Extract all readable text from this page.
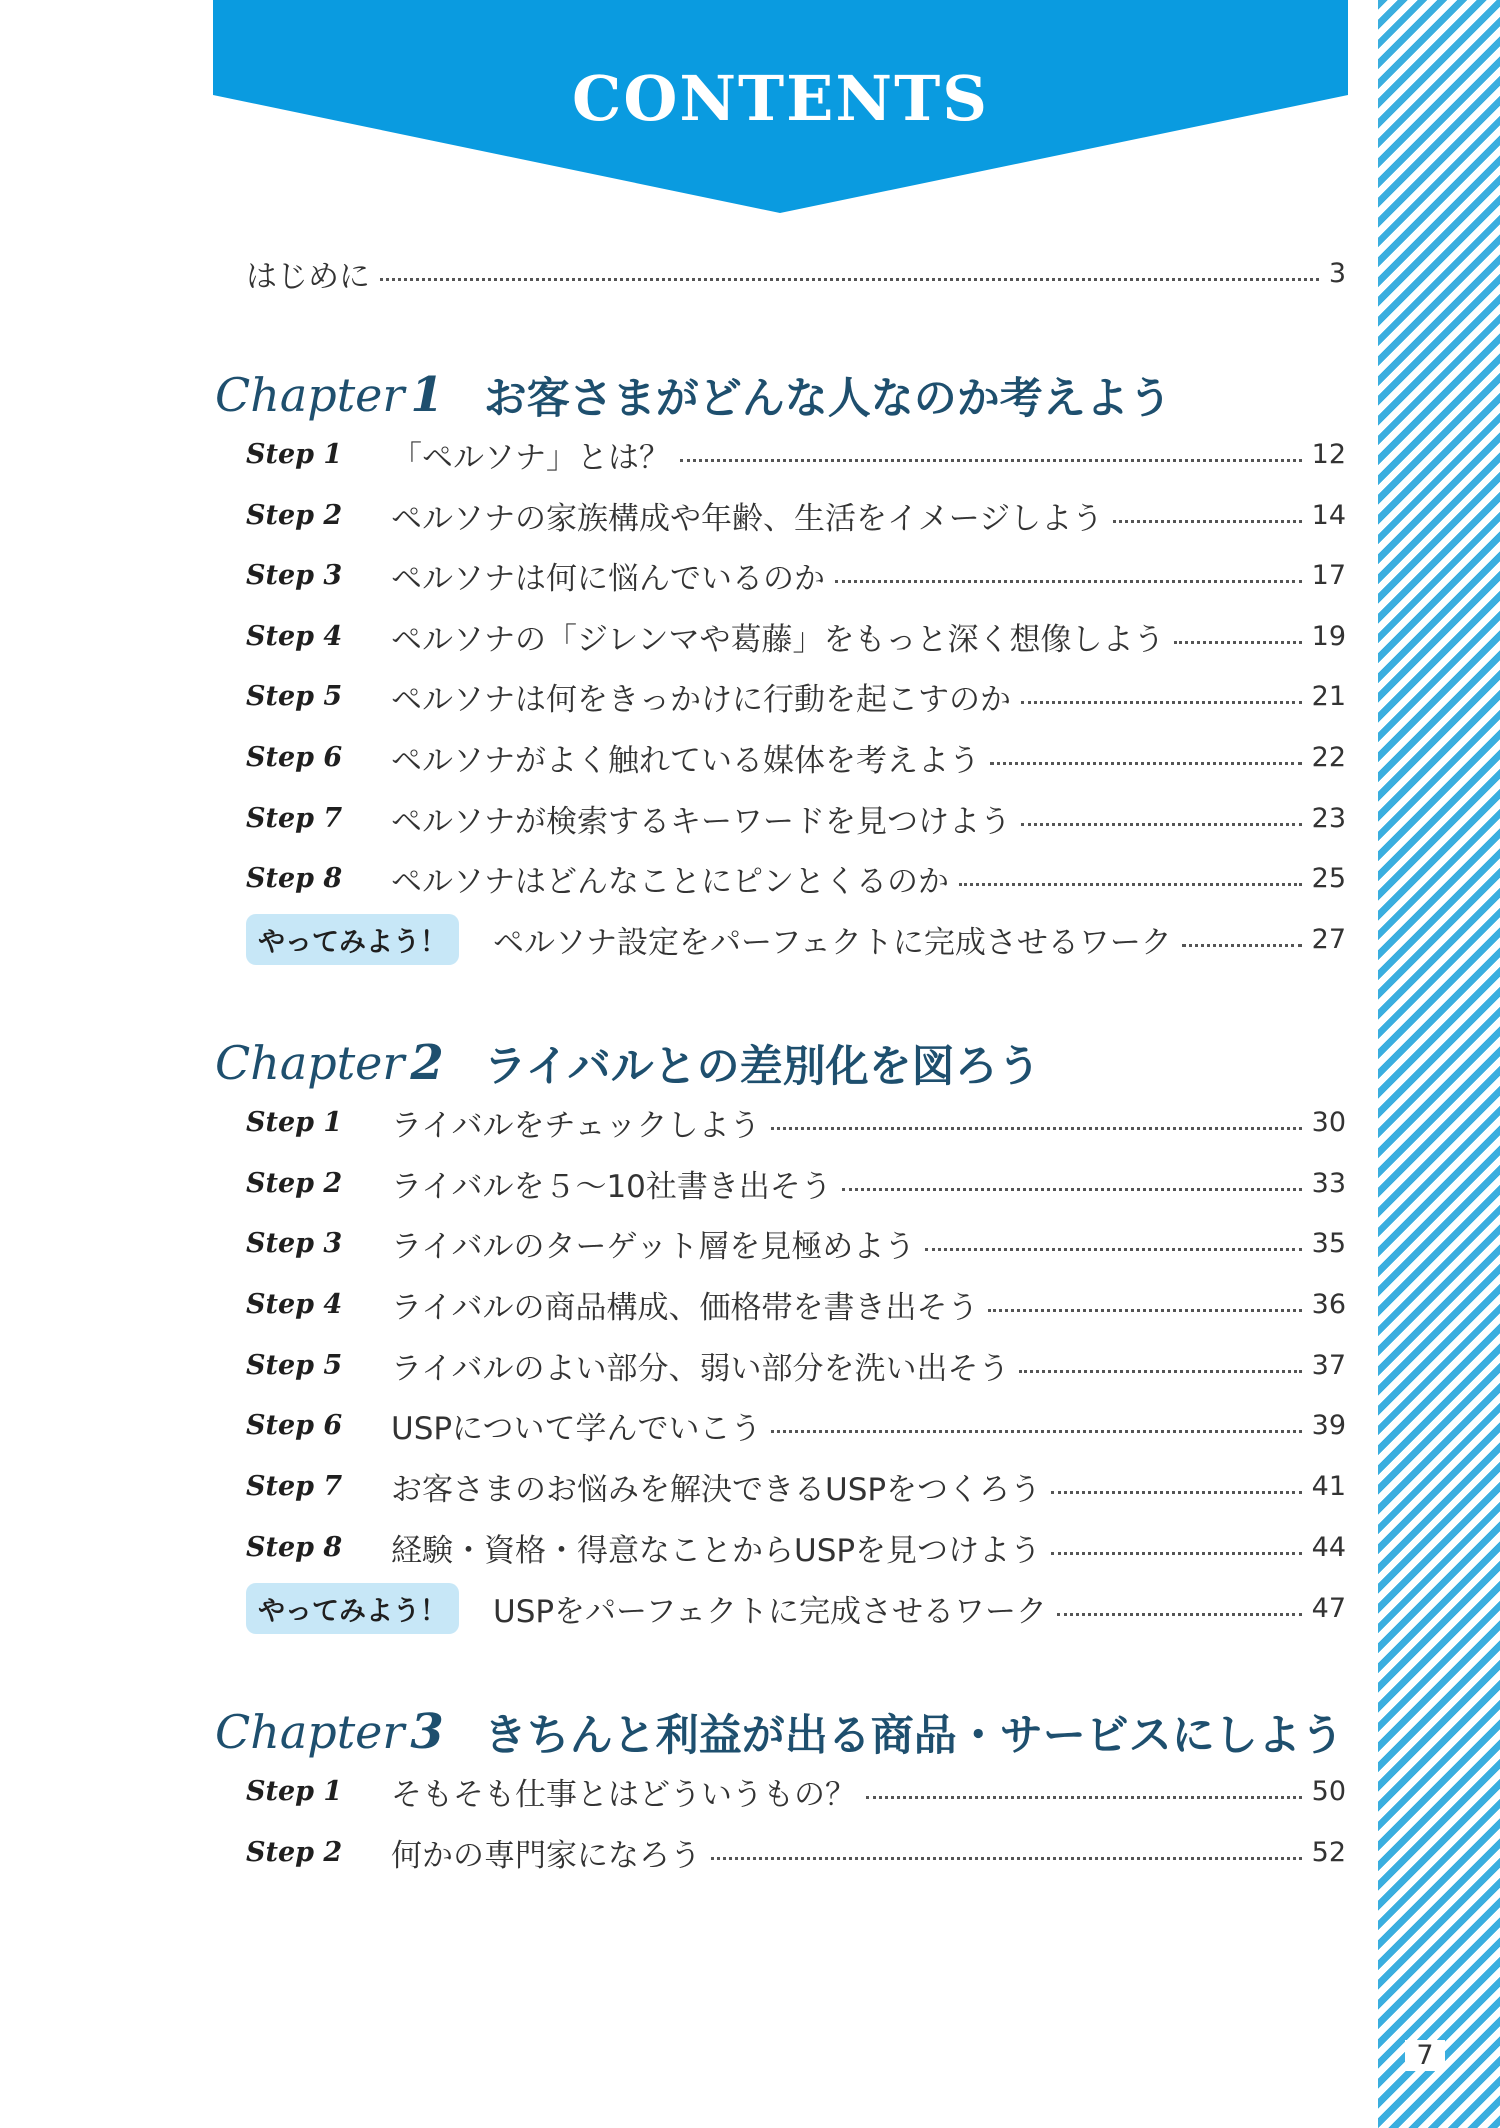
CONTENTS
はじめに	3
Chapter 1 お客さまがどんな人なのか考えよう
Step 1	「ペルソナ」とは？	12
Step 2	ペルソナの家族構成や年齢、生活をイメージしよう	14
Step 3	ペルソナは何に悩んでいるのか	17
Step 4	ペルソナの「ジレンマや葛藤」をもっと深く想像しよう	19
Step 5	ペルソナは何をきっかけに行動を起こすのか	21
Step 6	ペルソナがよく触れている媒体を考えよう	22
Step 7	ペルソナが検索するキーワードを見つけよう	23
Step 8	ペルソナはどんなことにピンとくるのか	25
やってみよう！	ペルソナ設定をパーフェクトに完成させるワーク	27
Chapter 2 ライバルとの差別化を図ろう
Step 1	ライバルをチェックしよう	30
Step 2	ライバルを５～10社書き出そう	33
Step 3	ライバルのターゲット層を見極めよう	35
Step 4	ライバルの商品構成、価格帯を書き出そう	36
Step 5	ライバルのよい部分、弱い部分を洗い出そう	37
Step 6	USPについて学んでいこう	39
Step 7	お客さまのお悩みを解決できるUSPをつくろう	41
Step 8	経験・資格・得意なことからUSPを見つけよう	44
やってみよう！	USPをパーフェクトに完成させるワーク	47
Chapter 3 きちんと利益が出る商品・サービスにしよう
Step 1	そもそも仕事とはどういうもの？	50
Step 2	何かの専門家になろう	52
7
